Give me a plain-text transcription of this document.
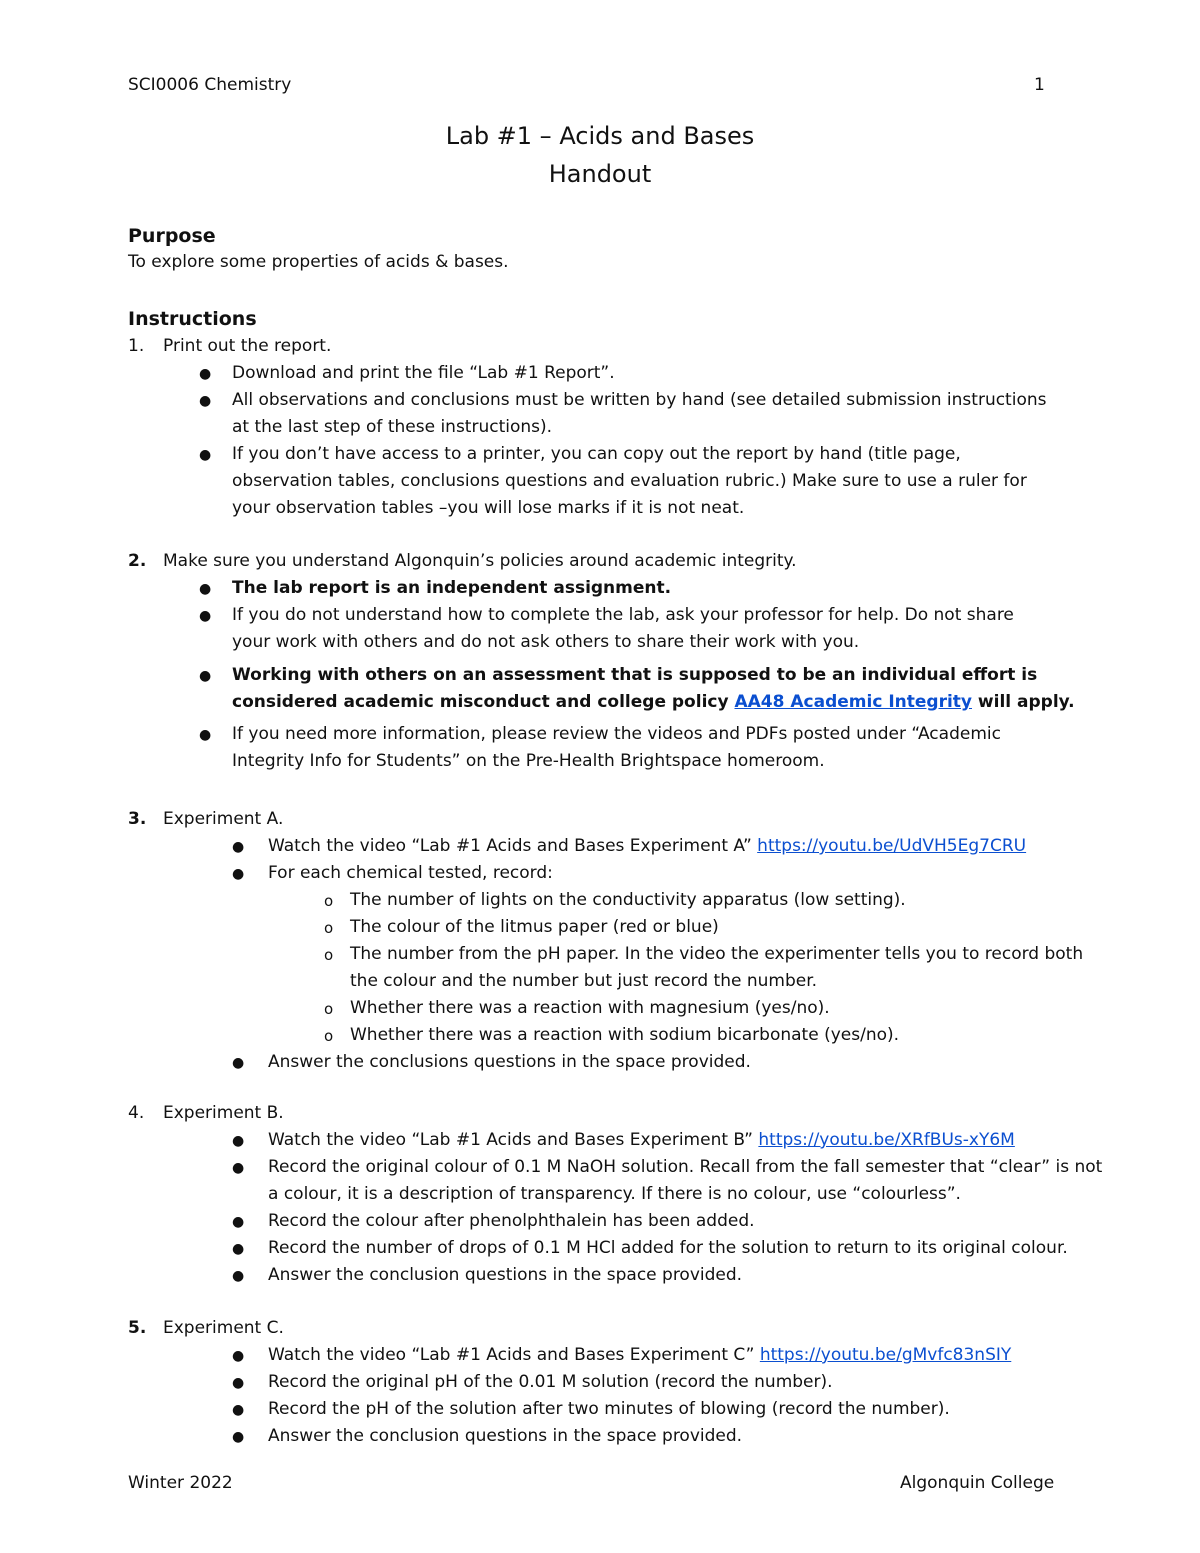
SCI0006 Chemistry	1
Lab #1 – Acids and Bases
Handout
Purpose
To explore some properties of acids & bases.
Instructions
1. Print out the report.
● Download and print the file “Lab #1 Report”.
● All observations and conclusions must be written by hand (see detailed submission instructions
at the last step of these instructions).
● If you don’t have access to a printer, you can copy out the report by hand (title page,
observation tables, conclusions questions and evaluation rubric.) Make sure to use a ruler for
your observation tables –you will lose marks if it is not neat.
2. Make sure you understand Algonquin’s policies around academic integrity.
● The lab report is an independent assignment.
● If you do not understand how to complete the lab, ask your professor for help. Do not share
your work with others and do not ask others to share their work with you.
● Working with others on an assessment that is supposed to be an individual effort is
considered academic misconduct and college policy AA48 Academic Integrity will apply.
● If you need more information, please review the videos and PDFs posted under “Academic
Integrity Info for Students” on the Pre-Health Brightspace homeroom.
3. Experiment A.
● Watch the video “Lab #1 Acids and Bases Experiment A” https://youtu.be/UdVH5Eg7CRU
● For each chemical tested, record:
o The number of lights on the conductivity apparatus (low setting).
o The colour of the litmus paper (red or blue)
o The number from the pH paper. In the video the experimenter tells you to record both
the colour and the number but just record the number.
o Whether there was a reaction with magnesium (yes/no).
o Whether there was a reaction with sodium bicarbonate (yes/no).
● Answer the conclusions questions in the space provided.
4. Experiment B.
● Watch the video “Lab #1 Acids and Bases Experiment B” https://youtu.be/XRfBUs-xY6M
● Record the original colour of 0.1 M NaOH solution. Recall from the fall semester that “clear” is not
a colour, it is a description of transparency. If there is no colour, use “colourless”.
● Record the colour after phenolphthalein has been added.
● Record the number of drops of 0.1 M HCl added for the solution to return to its original colour.
● Answer the conclusion questions in the space provided.
5. Experiment C.
● Watch the video “Lab #1 Acids and Bases Experiment C” https://youtu.be/gMvfc83nSIY
● Record the original pH of the 0.01 M solution (record the number).
● Record the pH of the solution after two minutes of blowing (record the number).
● Answer the conclusion questions in the space provided.
Winter 2022	Algonquin College
